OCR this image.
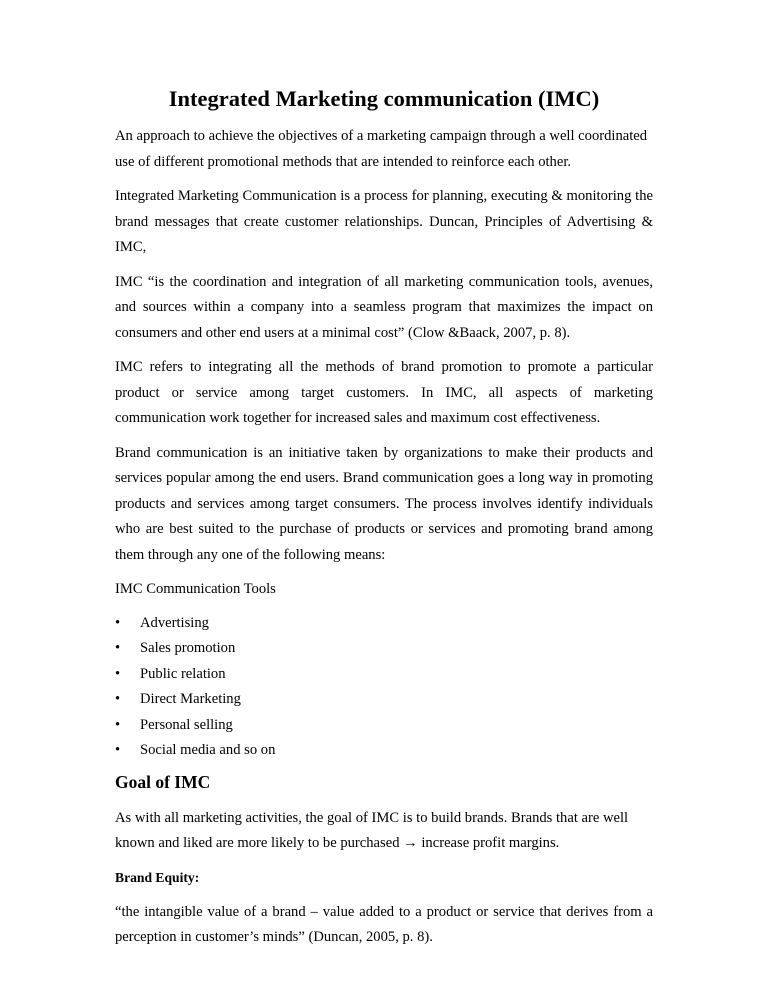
Integrated Marketing communication (IMC)

An approach to achieve the objectives of a marketing campaign through a well coordinated use of different promotional methods that are intended to reinforce each other.

Integrated Marketing Communication is a process for planning, executing & monitoring the brand messages that create customer relationships. Duncan, Principles of Advertising & IMC,

IMC “is the coordination and integration of all marketing communication tools, avenues, and sources within a company into a seamless program that maximizes the impact on consumers and other end users at a minimal cost” (Clow &Baack, 2007, p. 8).

IMC refers to integrating all the methods of brand promotion to promote a particular product or service among target customers. In IMC, all aspects of marketing communication work together for increased sales and maximum cost effectiveness.

Brand communication is an initiative taken by organizations to make their products and services popular among the end users. Brand communication goes a long way in promoting products and services among target consumers. The process involves identify individuals who are best suited to the purchase of products or services and promoting brand among them through any one of the following means:

IMC Communication Tools

• Advertising
• Sales promotion
• Public relation
• Direct Marketing
• Personal selling
• Social media and so on
Goal of IMC

As with all marketing activities, the goal of IMC is to build brands. Brands that are well known and liked are more likely to be purchased → increase profit margins.

Brand Equity:

“the intangible value of a brand – value added to a product or service that derives from a perception in customer’s minds” (Duncan, 2005, p. 8).
